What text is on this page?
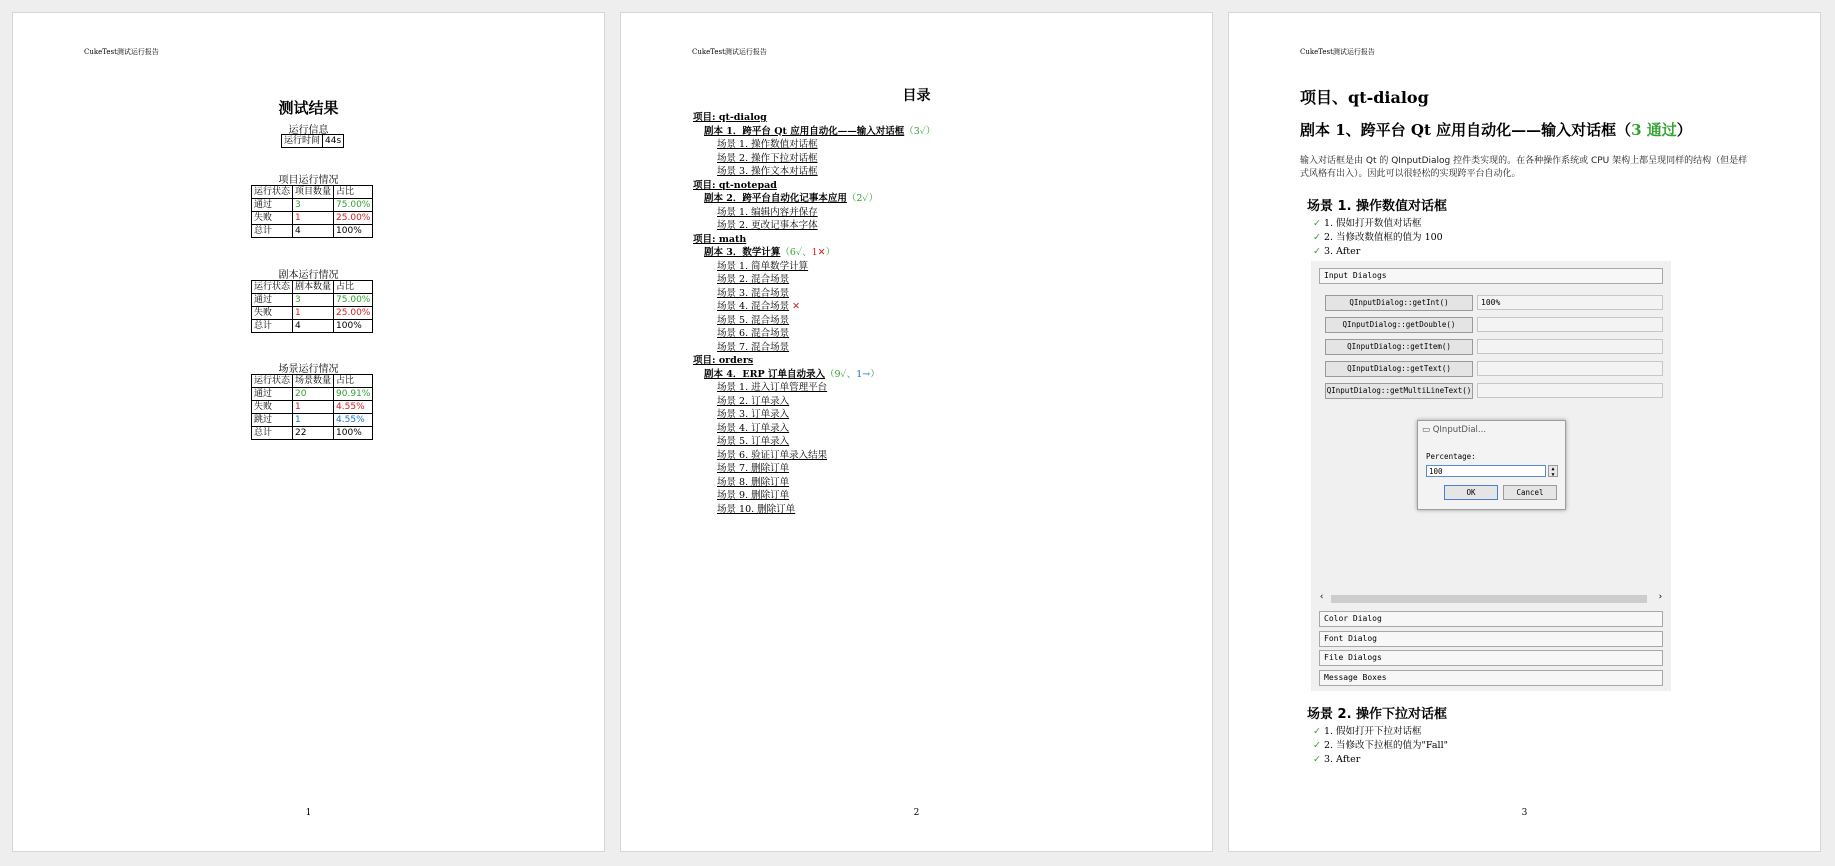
CukeTest测试运行报告
测试结果
运行信息
运行时间	44s
项目运行情况
运行状态	项目数量	占比
通过	3	75.00%
失败	1	25.00%
总计	4	100%
剧本运行情况
运行状态	剧本数量	占比
通过	3	75.00%
失败	1	25.00%
总计	4	100%
场景运行情况
运行状态	场景数量	占比
通过	20	90.91%
失败	1	4.55%
跳过	1	4.55%
总计	22	100%
1
CukeTest测试运行报告
目录
项目: qt-dialog
剧本 1．跨平台 Qt 应用自动化——输入对话框（3✓）
场景 1. 操作数值对话框
场景 2. 操作下拉对话框
场景 3. 操作文本对话框
项目: qt-notepad
剧本 2．跨平台自动化记事本应用（2✓）
场景 1. 编辑内容并保存
场景 2. 更改记事本字体
项目: math
剧本 3．数学计算（6✓、1✕）
场景 1. 简单数学计算
场景 2. 混合场景
场景 3. 混合场景
场景 4. 混合场景 ✕
场景 5. 混合场景
场景 6. 混合场景
场景 7. 混合场景
项目: orders
剧本 4．ERP 订单自动录入（9✓、1→）
场景 1. 进入订单管理平台
场景 2. 订单录入
场景 3. 订单录入
场景 4. 订单录入
场景 5. 订单录入
场景 6. 验证订单录入结果
场景 7. 删除订单
场景 8. 删除订单
场景 9. 删除订单
场景 10. 删除订单
2
CukeTest测试运行报告
项目、qt-dialog
剧本 1、跨平台 Qt 应用自动化——输入对话框（3 通过）
输入对话框是由 Qt 的 QInputDialog 控件类实现的。在各种操作系统或 CPU 架构上都呈现同样的结构（但是样式风格有出入）。因此可以很轻松的实现跨平台自动化。
场景 1. 操作数值对话框
✓ 1. 假如打开数值对话框
✓ 2. 当修改数值框的值为 100
✓ 3. After
Input Dialogs
QInputDialog::getInt()	100%
QInputDialog::getDouble()
QInputDialog::getItem()
QInputDialog::getText()
QInputDialog::getMultiLineText()
▭ QInputDial...
Percentage:
100	▲
▼
OK	Cancel
‹	›
Color Dialog
Font Dialog
File Dialogs
Message Boxes
场景 2. 操作下拉对话框
✓ 1. 假如打开下拉对话框
✓ 2. 当修改下拉框的值为"Fall"
✓ 3. After
3
